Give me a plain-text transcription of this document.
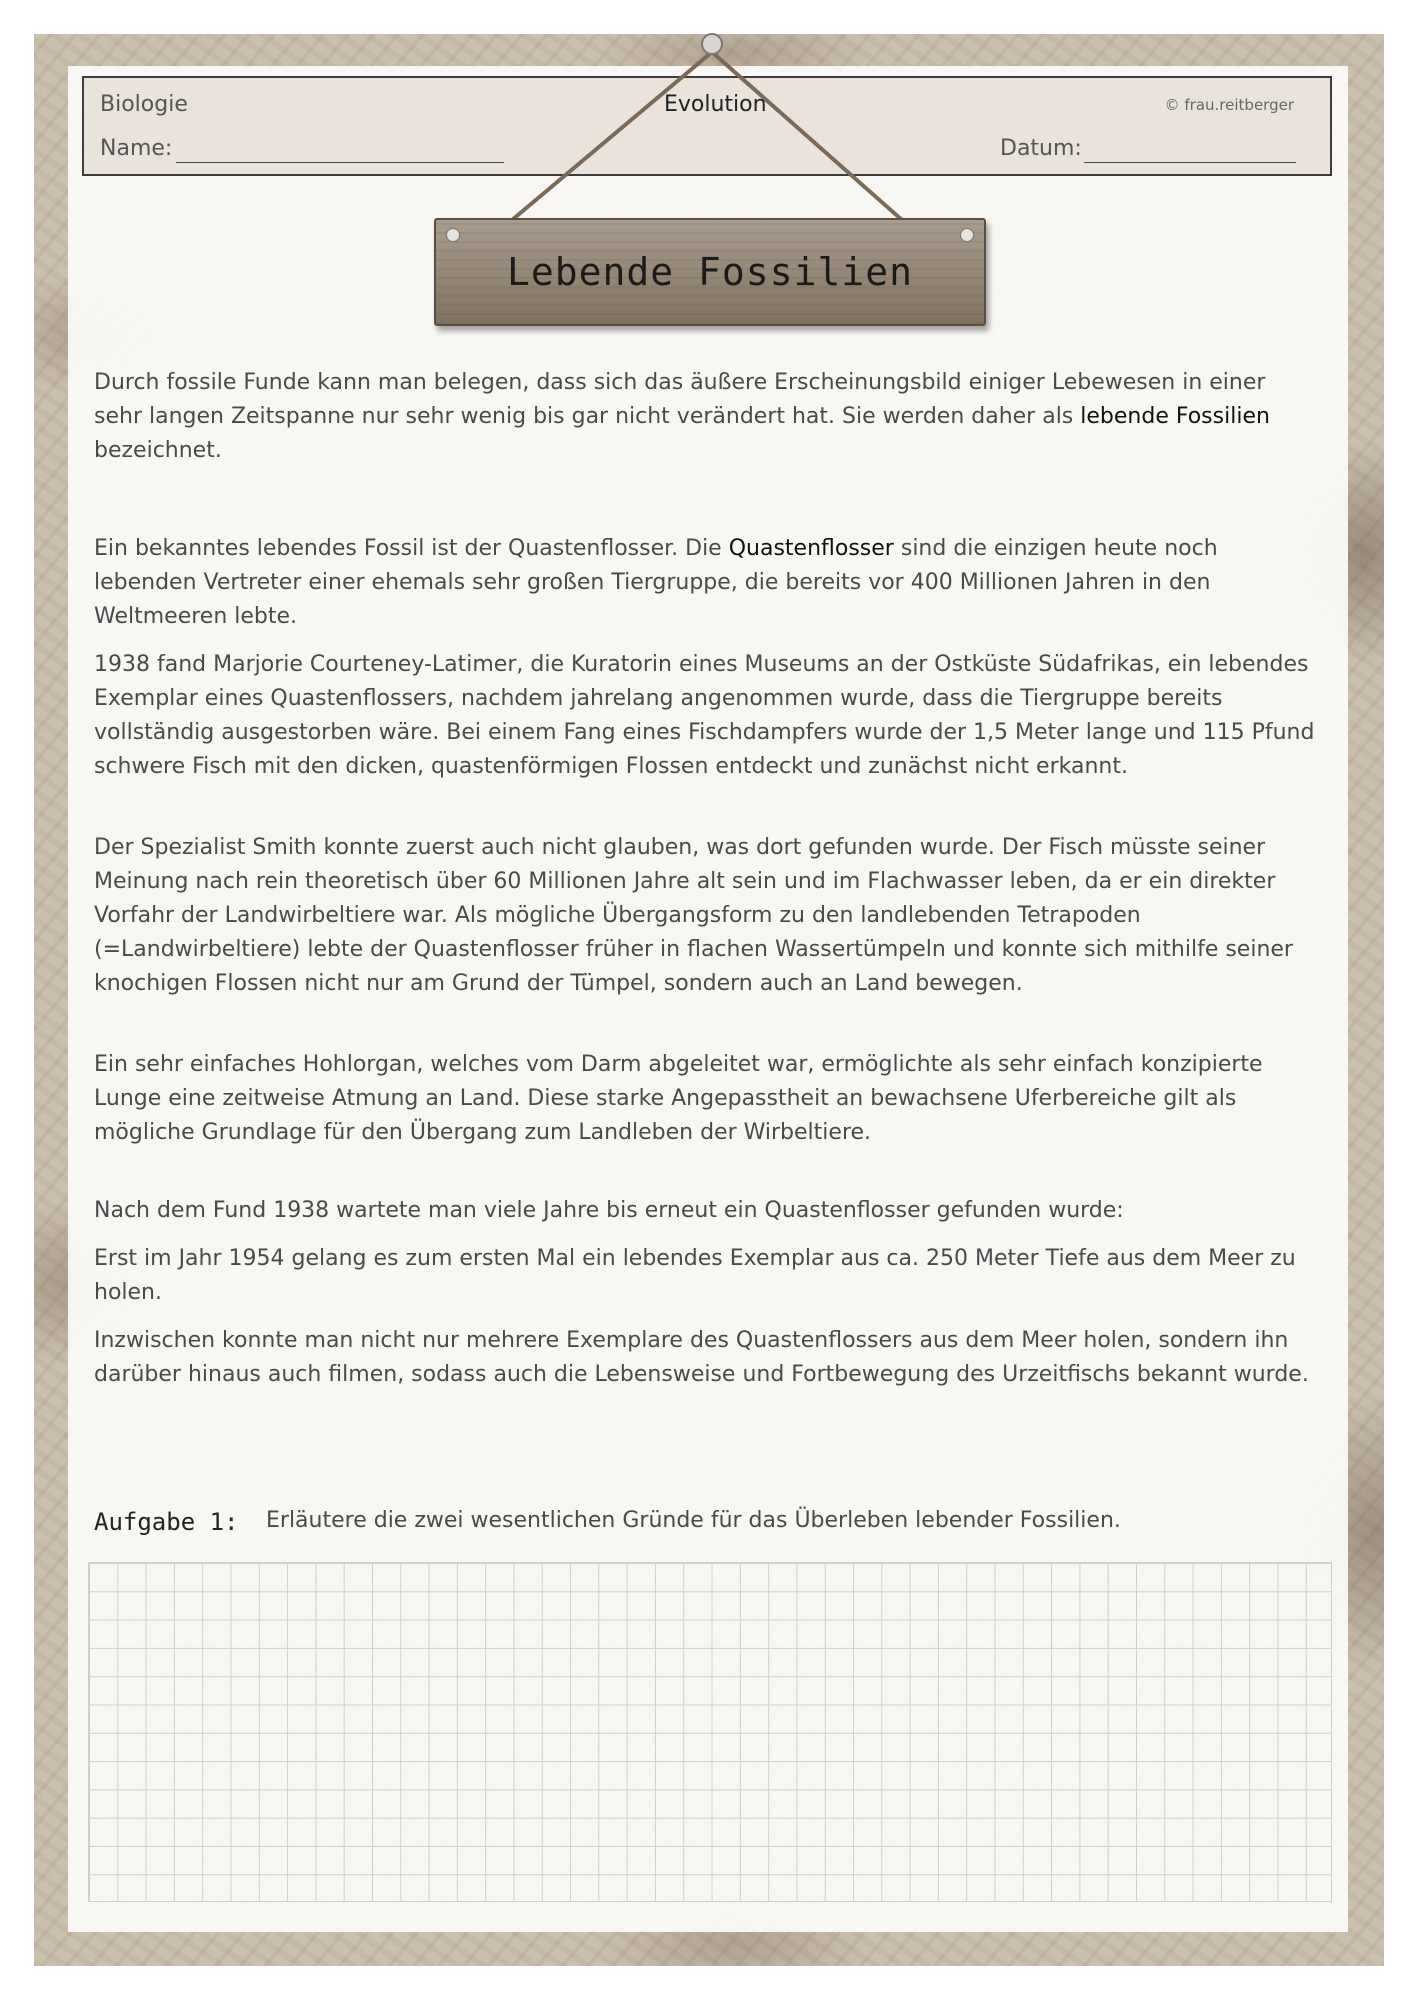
Biologie	Evolution	© frau.reitberger
Name:	Datum:
Lebende Fossilien

Durch fossile Funde kann man belegen, dass sich das äußere Erscheinungsbild einiger Lebewesen in einer sehr langen Zeitspanne nur sehr wenig bis gar nicht verändert hat. Sie werden daher als lebende Fossilien bezeichnet.

Ein bekanntes lebendes Fossil ist der Quastenflosser. Die Quastenflosser sind die einzigen heute noch lebenden Vertreter einer ehemals sehr großen Tiergruppe, die bereits vor 400 Millionen Jahren in den Weltmeeren lebte.

1938 fand Marjorie Courteney-Latimer, die Kuratorin eines Museums an der Ostküste Südafrikas, ein lebendes Exemplar eines Quastenflossers, nachdem jahrelang angenommen wurde, dass die Tiergruppe bereits vollständig ausgestorben wäre. Bei einem Fang eines Fischdampfers wurde der 1,5 Meter lange und 115 Pfund schwere Fisch mit den dicken, quastenförmigen Flossen entdeckt und zunächst nicht erkannt.

Der Spezialist Smith konnte zuerst auch nicht glauben, was dort gefunden wurde. Der Fisch müsste seiner Meinung nach rein theoretisch über 60 Millionen Jahre alt sein und im Flachwasser leben, da er ein direkter Vorfahr der Landwirbeltiere war. Als mögliche Übergangsform zu den landlebenden Tetrapoden (=Landwirbeltiere) lebte der Quastenflosser früher in flachen Wassertümpeln und konnte sich mithilfe seiner knochigen Flossen nicht nur am Grund der Tümpel, sondern auch an Land bewegen.

Ein sehr einfaches Hohlorgan, welches vom Darm abgeleitet war, ermöglichte als sehr einfach konzipierte Lunge eine zeitweise Atmung an Land. Diese starke Angepasstheit an bewachsene Uferbereiche gilt als mögliche Grundlage für den Übergang zum Landleben der Wirbeltiere.

Nach dem Fund 1938 wartete man viele Jahre bis erneut ein Quastenflosser gefunden wurde:

Erst im Jahr 1954 gelang es zum ersten Mal ein lebendes Exemplar aus ca. 250 Meter Tiefe aus dem Meer zu holen.

Inzwischen konnte man nicht nur mehrere Exemplare des Quastenflossers aus dem Meer holen, sondern ihn darüber hinaus auch filmen, sodass auch die Lebensweise und Fortbewegung des Urzeitfischs bekannt wurde.

Aufgabe 1: Erläutere die zwei wesentlichen Gründe für das Überleben lebender Fossilien.
